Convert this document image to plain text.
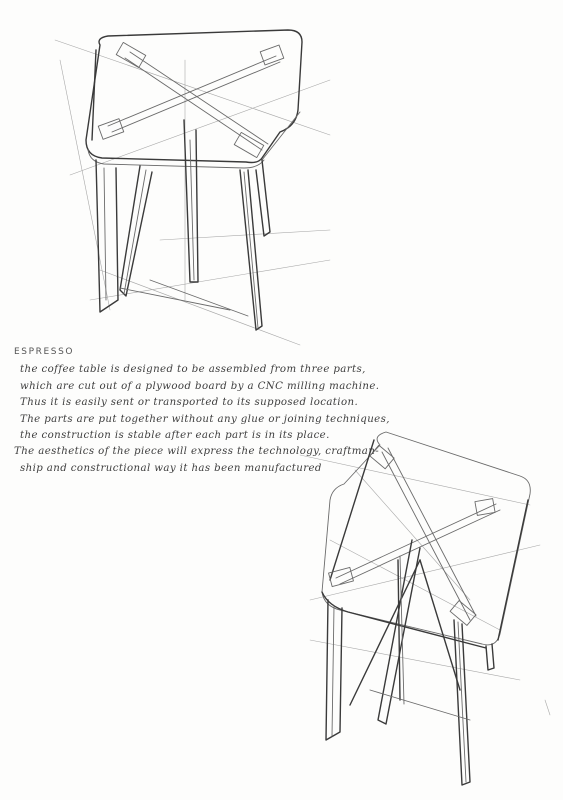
ESPRESSO
the coffee table is designed to be assembled from three parts,
which are cut out of a plywood board by a CNC milling machine.
Thus it is easily sent or transported to its supposed location.
The parts are put together without any glue or joining techniques,
the construction is stable after each part is in its place.
The aesthetics of the piece will express the technology, craftman-
ship and constructional way it has been manufactured
